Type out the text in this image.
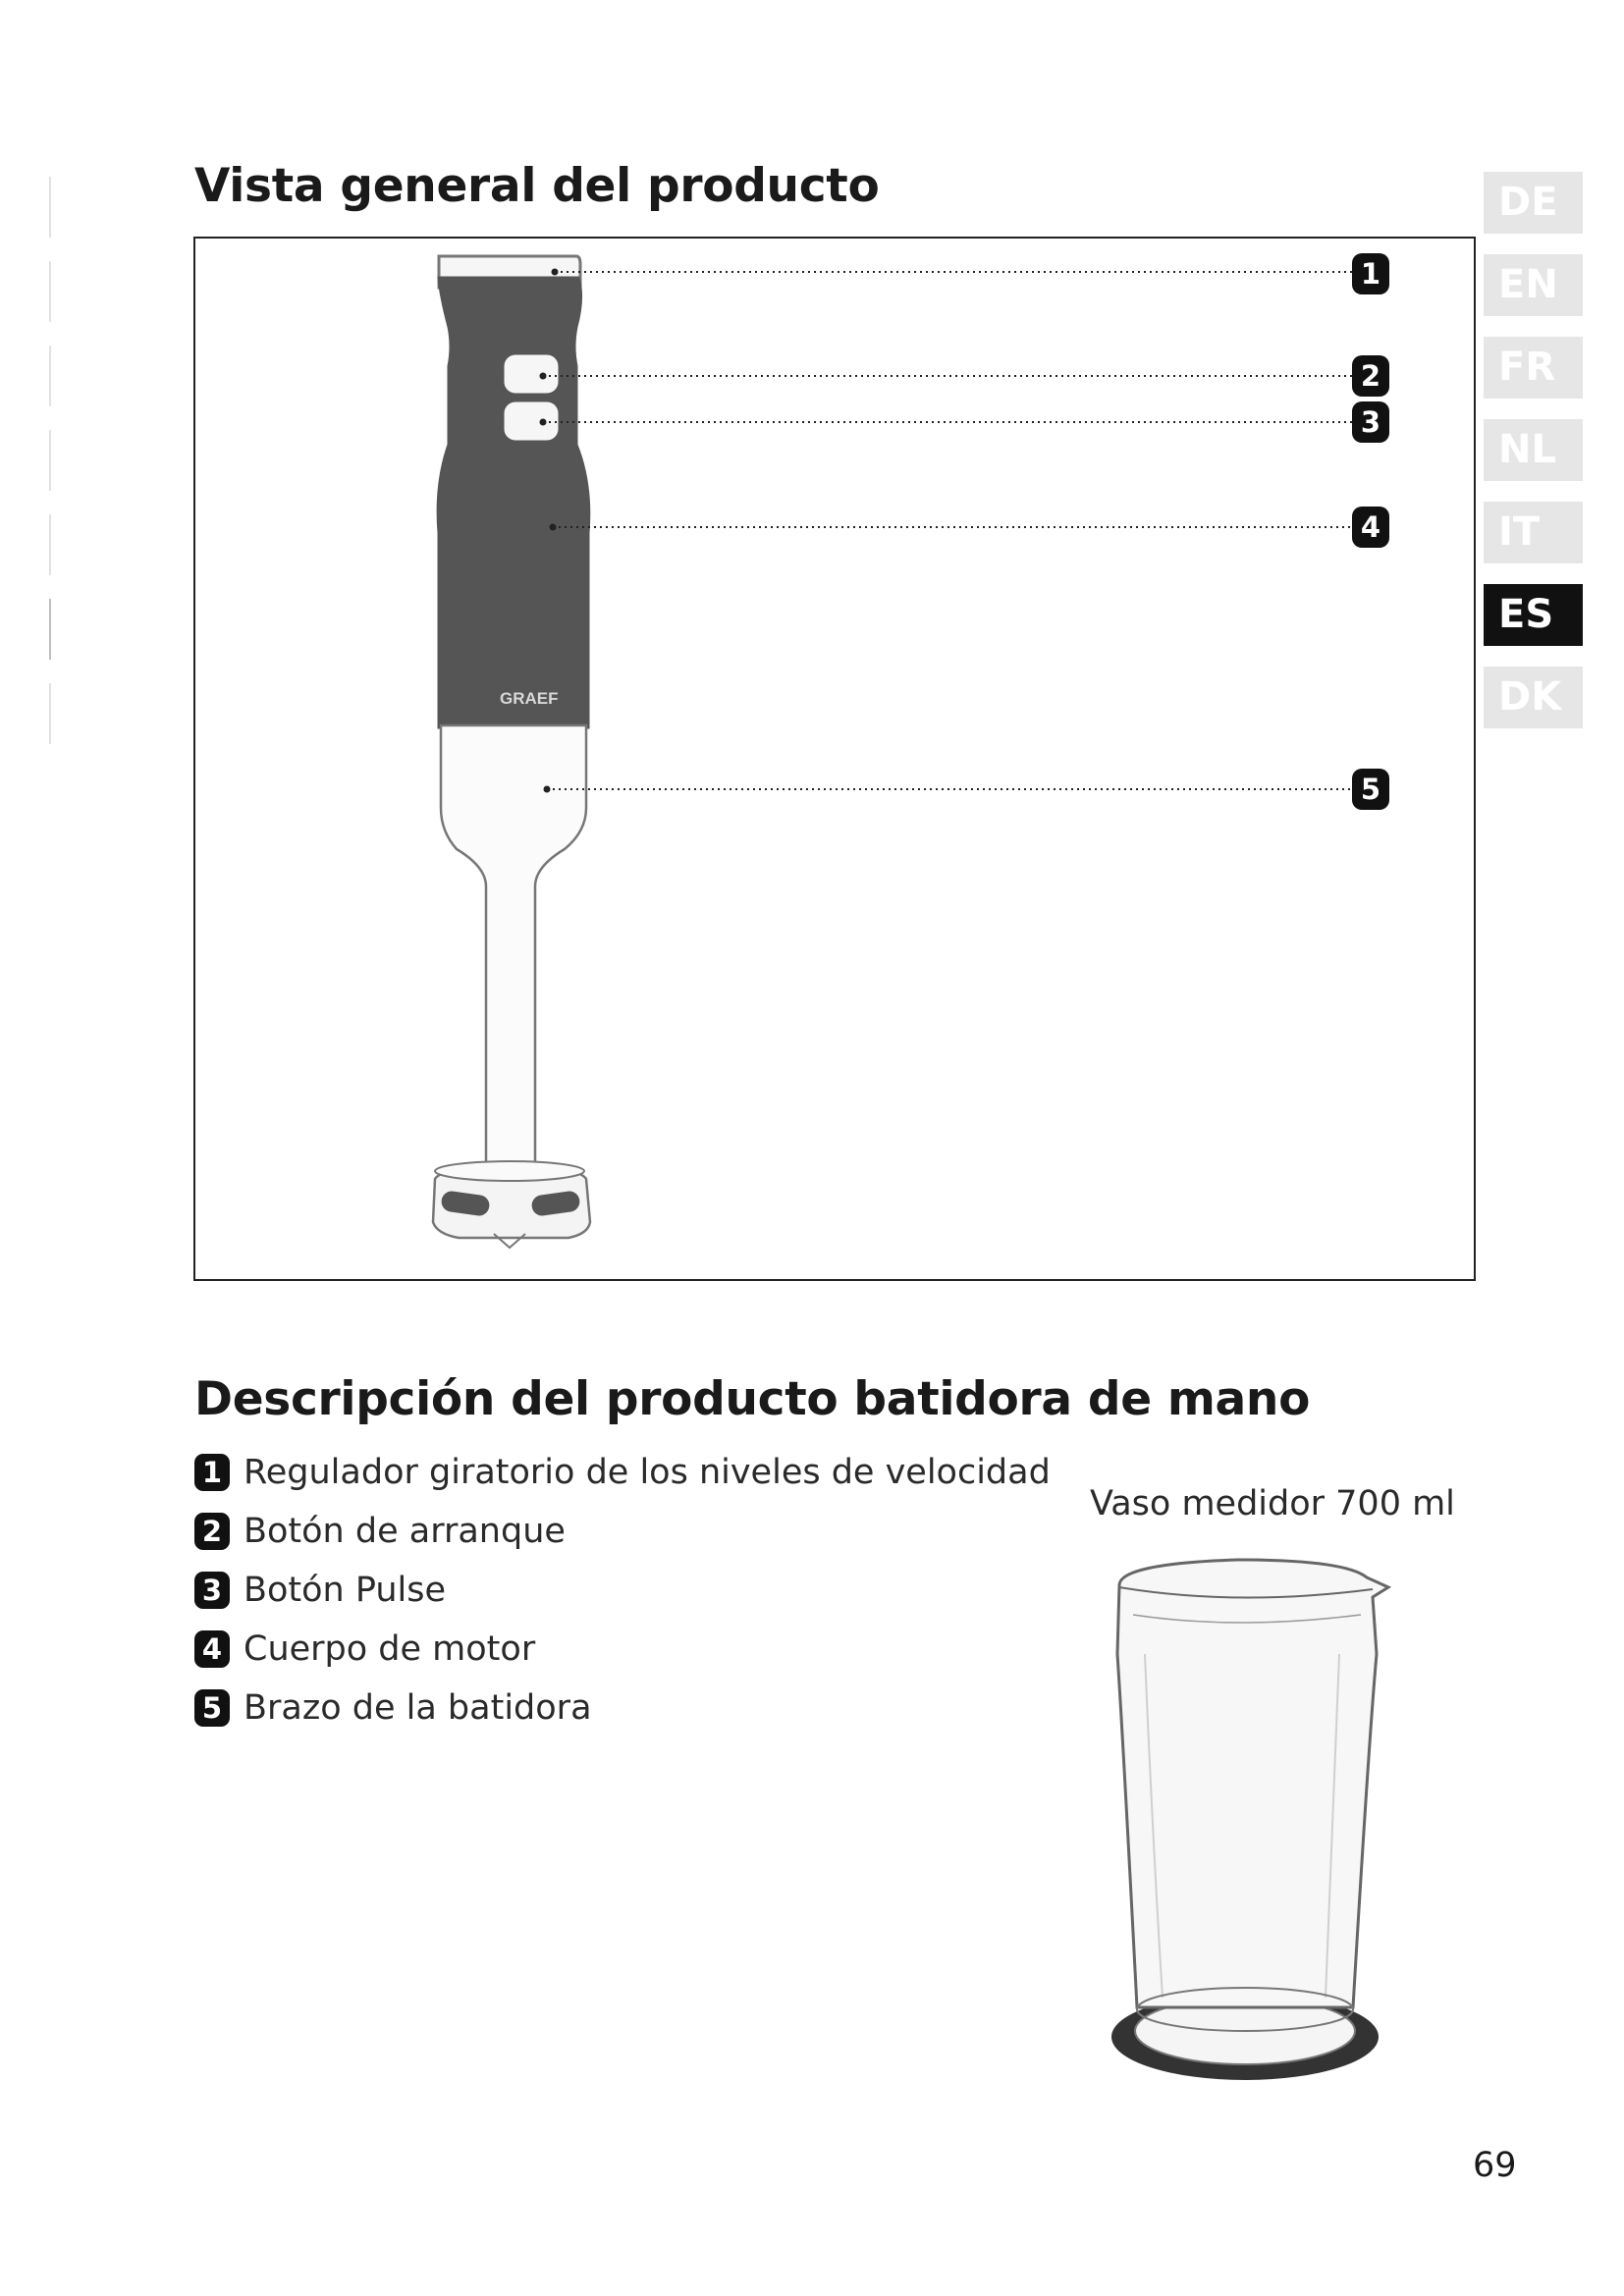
Vista general del producto	DE
EN
FR
NL
IT
ES
DK
GRAEF
1
2
3
4
5
Descripción del producto batidora de mano
1 Regulador giratorio de los niveles de velocidad
2 Botón de arranque
3 Botón Pulse
4 Cuerpo de motor
5 Brazo de la batidora
Vaso medidor 700 ml
69
